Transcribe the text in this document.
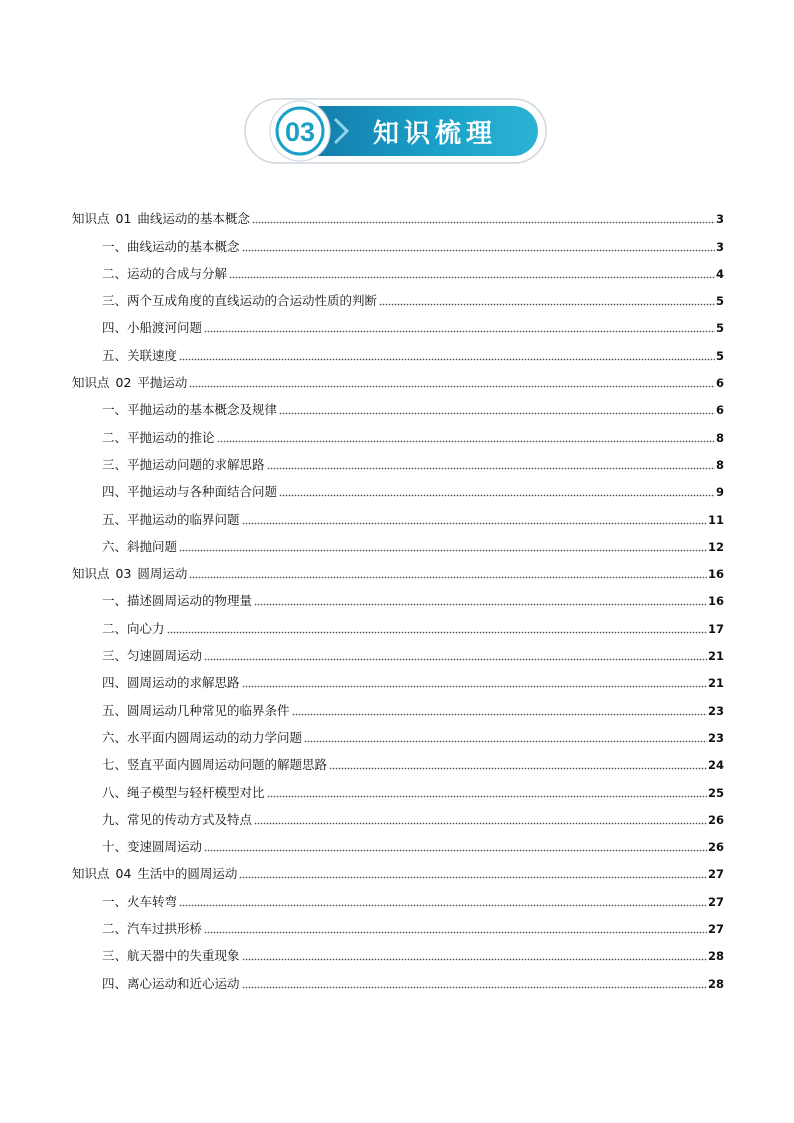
03 知识梳理
知识点 01 曲线运动的基本概念	3
一、曲线运动的基本概念	3
二、运动的合成与分解	4
三、两个互成角度的直线运动的合运动性质的判断	5
四、小船渡河问题	5
五、关联速度	5
知识点 02 平抛运动	6
一、平抛运动的基本概念及规律	6
二、平抛运动的推论	8
三、平抛运动问题的求解思路	8
四、平抛运动与各种面结合问题	9
五、平抛运动的临界问题	11
六、斜抛问题	12
知识点 03 圆周运动	16
一、描述圆周运动的物理量	16
二、向心力	17
三、匀速圆周运动	21
四、圆周运动的求解思路	21
五、圆周运动几种常见的临界条件	23
六、水平面内圆周运动的动力学问题	23
七、竖直平面内圆周运动问题的解题思路	24
八、绳子模型与轻杆模型对比	25
九、常见的传动方式及特点	26
十、变速圆周运动	26
知识点 04 生活中的圆周运动	27
一、火车转弯	27
二、汽车过拱形桥	27
三、航天器中的失重现象	28
四、离心运动和近心运动	28
